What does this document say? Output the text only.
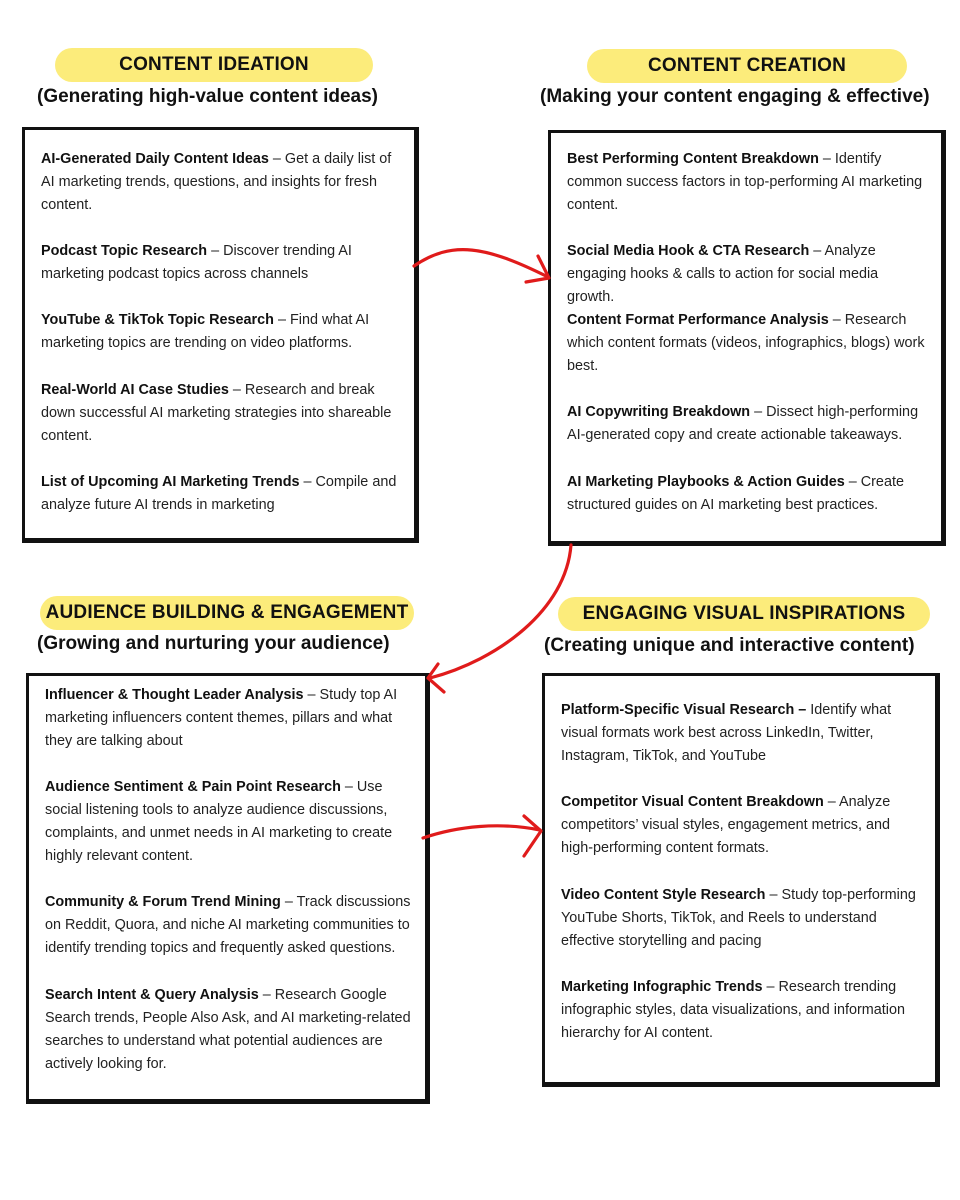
CONTENT IDEATION
(Generating high-value content ideas)
AI-Generated Daily Content Ideas – Get a daily list of AI marketing trends, questions, and insights for fresh content.
Podcast Topic Research – Discover trending AI marketing podcast topics across channels
YouTube & TikTok Topic Research – Find what AI marketing topics are trending on video platforms.
Real-World AI Case Studies – Research and break down successful AI marketing strategies into shareable content.
List of Upcoming AI Marketing Trends – Compile and analyze future AI trends in marketing
CONTENT CREATION
(Making your content engaging & effective)
Best Performing Content Breakdown – Identify common success factors in top-performing AI marketing content.
Social Media Hook & CTA Research – Analyze engaging hooks & calls to action for social media growth.
Content Format Performance Analysis – Research which content formats (videos, infographics, blogs) work best.
AI Copywriting Breakdown – Dissect high-performing AI-generated copy and create actionable takeaways.
AI Marketing Playbooks & Action Guides – Create structured guides on AI marketing best practices.
AUDIENCE BUILDING & ENGAGEMENT
(Growing and nurturing your audience)
Influencer & Thought Leader Analysis – Study top AI marketing influencers content themes, pillars and what they are talking about
Audience Sentiment & Pain Point Research – Use social listening tools to analyze audience discussions, complaints, and unmet needs in AI marketing to create highly relevant content.
Community & Forum Trend Mining – Track discussions on Reddit, Quora, and niche AI marketing communities to identify trending topics and frequently asked questions.
Search Intent & Query Analysis – Research Google Search trends, People Also Ask, and AI marketing-related searches to understand what potential audiences are actively looking for.
ENGAGING VISUAL INSPIRATIONS
(Creating unique and interactive content)
Platform-Specific Visual Research – Identify what visual formats work best across LinkedIn, Twitter, Instagram, TikTok, and YouTube
Competitor Visual Content Breakdown – Analyze competitors’ visual styles, engagement metrics, and high-performing content formats.
Video Content Style Research – Study top-performing YouTube Shorts, TikTok, and Reels to understand effective storytelling and pacing
Marketing Infographic Trends – Research trending infographic styles, data visualizations, and information hierarchy for AI content.
